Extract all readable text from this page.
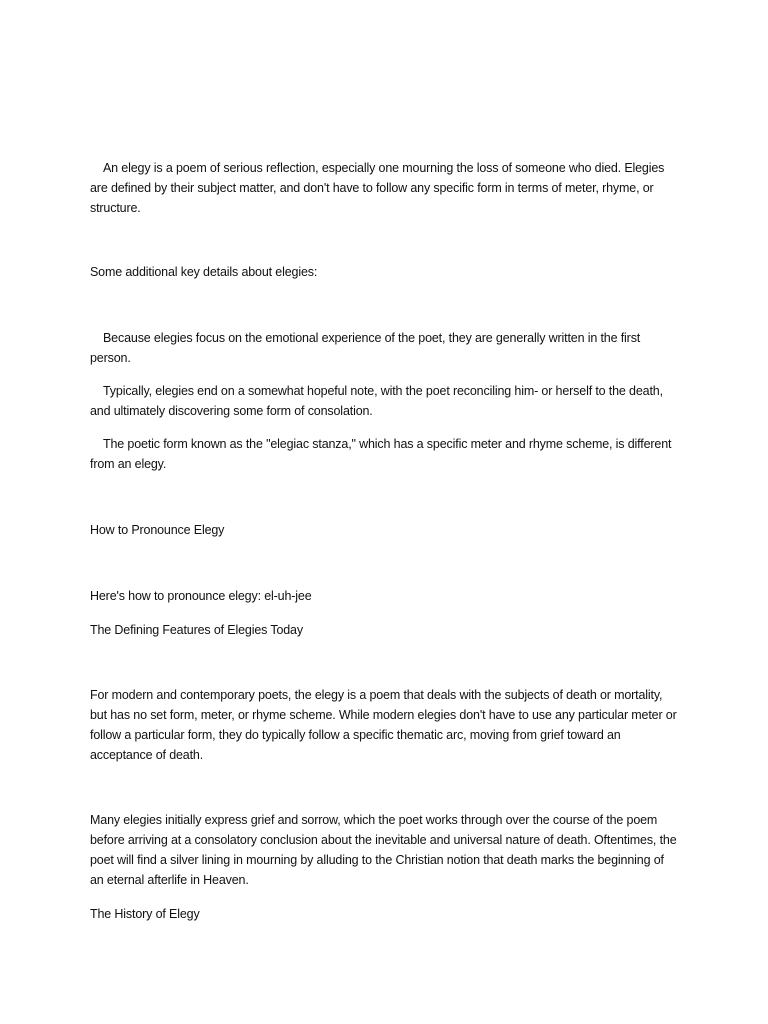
An elegy is a poem of serious reflection, especially one mourning the loss of someone who died. Elegies are defined by their subject matter, and don't have to follow any specific form in terms of meter, rhyme, or structure.

Some additional key details about elegies:

Because elegies focus on the emotional experience of the poet, they are generally written in the first person.

Typically, elegies end on a somewhat hopeful note, with the poet reconciling him- or herself to the death, and ultimately discovering some form of consolation.

The poetic form known as the "elegiac stanza," which has a specific meter and rhyme scheme, is different from an elegy.

How to Pronounce Elegy

Here's how to pronounce elegy: el-uh-jee

The Defining Features of Elegies Today

For modern and contemporary poets, the elegy is a poem that deals with the subjects of death or mortality, but has no set form, meter, or rhyme scheme. While modern elegies don't have to use any particular meter or follow a particular form, they do typically follow a specific thematic arc, moving from grief toward an acceptance of death.

Many elegies initially express grief and sorrow, which the poet works through over the course of the poem before arriving at a consolatory conclusion about the inevitable and universal nature of death. Oftentimes, the poet will find a silver lining in mourning by alluding to the Christian notion that death marks the beginning of an eternal afterlife in Heaven.

The History of Elegy
